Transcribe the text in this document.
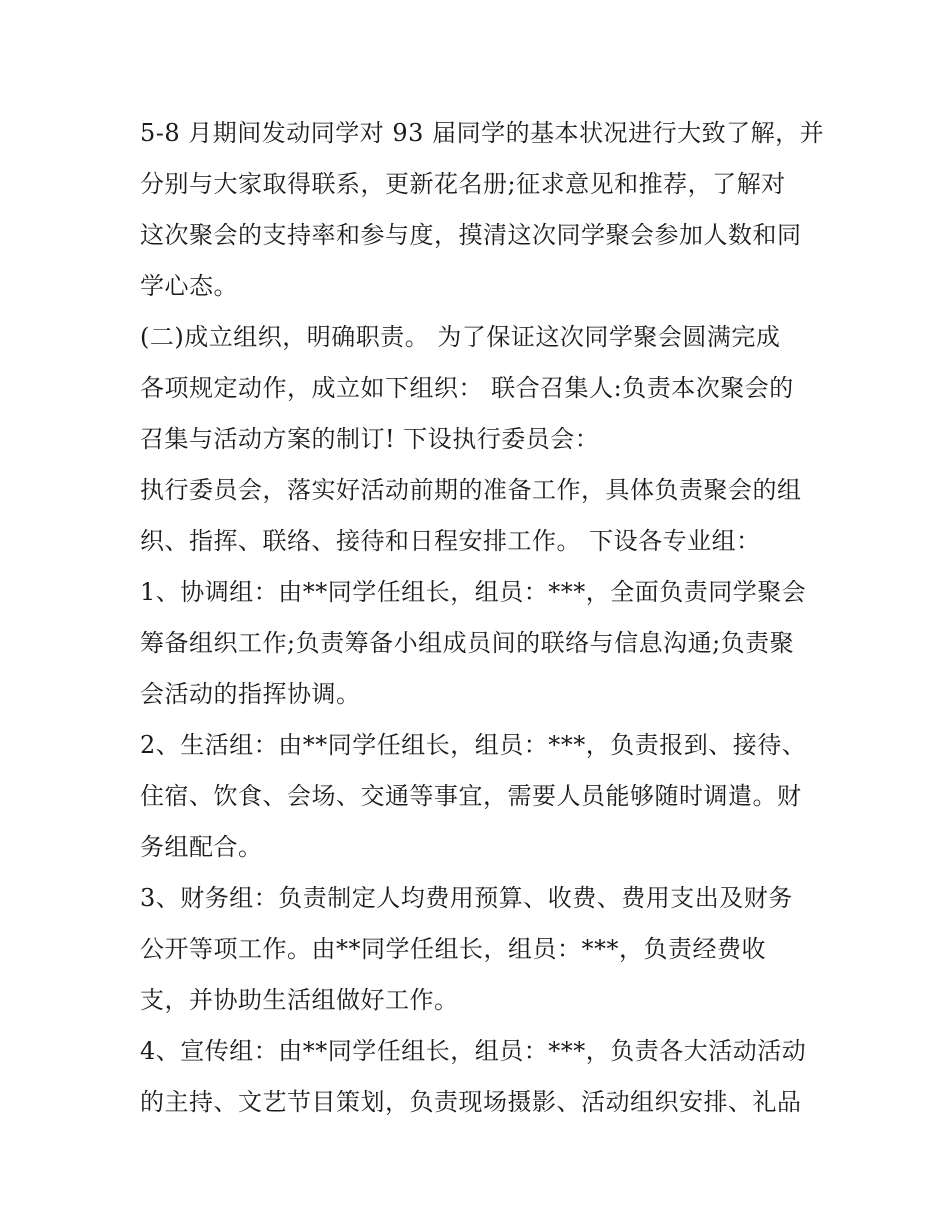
5-8 月期间发动同学对 93 届同学的基本状况进行大致了解，并
分别与大家取得联系，更新花名册;征求意见和推荐，了解对
这次聚会的支持率和参与度，摸清这次同学聚会参加人数和同
学心态。
(二)成立组织，明确职责。 为了保证这次同学聚会圆满完成
各项规定动作，成立如下组织： 联合召集人:负责本次聚会的
召集与活动方案的制订! 下设执行委员会：
执行委员会，落实好活动前期的准备工作，具体负责聚会的组
织、指挥、联络、接待和日程安排工作。 下设各专业组：
1、协调组：由**同学任组长，组员：***，全面负责同学聚会
筹备组织工作;负责筹备小组成员间的联络与信息沟通;负责聚
会活动的指挥协调。
2、生活组：由**同学任组长，组员：***，负责报到、接待、
住宿、饮食、会场、交通等事宜，需要人员能够随时调遣。财
务组配合。
3、财务组：负责制定人均费用预算、收费、费用支出及财务
公开等项工作。由**同学任组长，组员：***，负责经费收
支，并协助生活组做好工作。
4、宣传组：由**同学任组长，组员：***，负责各大活动活动
的主持、文艺节目策划，负责现场摄影、活动组织安排、礼品
